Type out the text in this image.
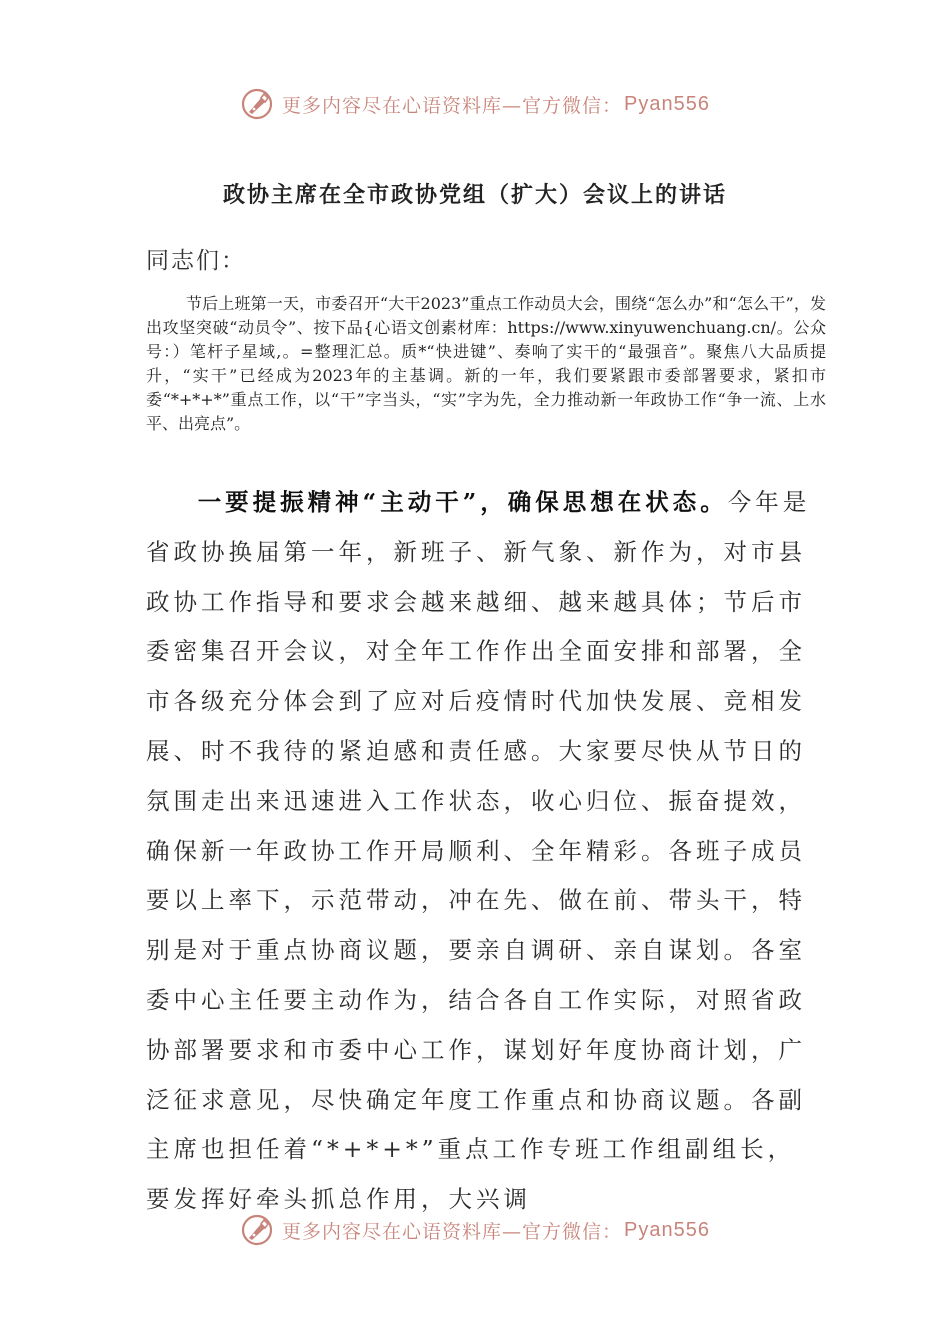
更多内容尽在心语资料库—官方微信： Pyan556
政协主席在全市政协党组（扩大）会议上的讲话
同志们：
节后上班第一天，市委召开“大干2023”重点工作动员大会，围绕“怎么办”和“怎么干”，发出攻坚突破“动员令”、按下品{心语文创素材库：https://www.xinyuwenchuang.cn/。公众号：）笔杆子星域,。=整理汇总。质*“快进键”、奏响了实干的“最强音”。聚焦八大品质提升，“实干”已经成为2023年的主基调。新的一年，我们要紧跟市委部署要求，紧扣市委“*+*+*”重点工作，以“干”字当头，“实”字为先，全力推动新一年政协工作“争一流、上水平、出亮点”。
一要提振精神“主动干”，确保思想在状态。今年是省政协换届第一年，新班子、新气象、新作为，对市县政协工作指导和要求会越来越细、越来越具体；节后市委密集召开会议，对全年工作作出全面安排和部署，全市各级充分体会到了应对后疫情时代加快发展、竞相发展、时不我待的紧迫感和责任感。大家要尽快从节日的氛围走出来迅速进入工作状态，收心归位、振奋提效，确保新一年政协工作开局顺利、全年精彩。各班子成员要以上率下，示范带动，冲在先、做在前、带头干，特别是对于重点协商议题，要亲自调研、亲自谋划。各室委中心主任要主动作为，结合各自工作实际，对照省政协部署要求和市委中心工作，谋划好年度协商计划，广泛征求意见，尽快确定年度工作重点和协商议题。各副主席也担任着“*+*+*”重点工作专班工作组副组长，要发挥好牵头抓总作用，大兴调
更多内容尽在心语资料库—官方微信： Pyan556
